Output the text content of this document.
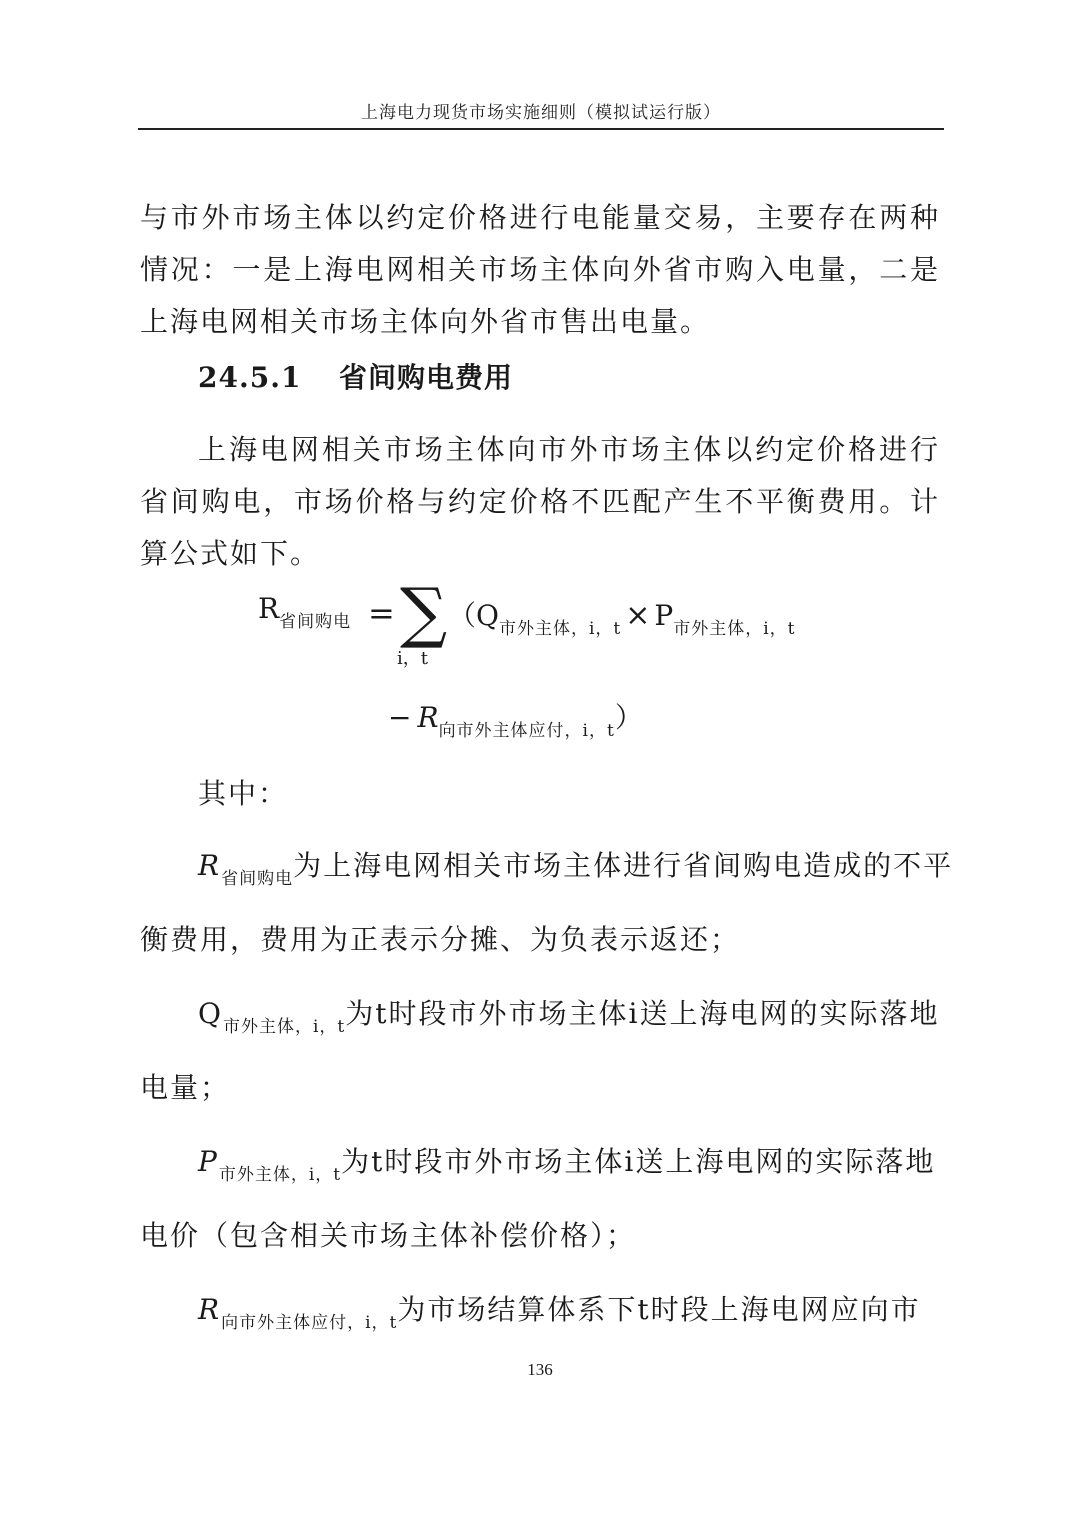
上海电力现货市场实施细则（模拟试运行版）
与市外市场主体以约定价格进行电能量交易，主要存在两种情况：一是上海电网相关市场主体向外省市购入电量，二是上海电网相关市场主体向外省市售出电量。
24.5.1 省间购电费用
上海电网相关市场主体向市外市场主体以约定价格进行省间购电，市场价格与约定价格不匹配产生不平衡费用。计算公式如下。
$R_{省间购电}$ = ∑
i，t
（$Q_{市外主体,i,t} \times P_{市外主体,i,t}$
− $R_{向市外主体应付,i,t}$）
其中：
$R_{省间购电}$为上海电网相关市场主体进行省间购电造成的不平
衡费用，费用为正表示分摊、为负表示返还；
$Q_{市外主体,i,t}$为t时段市外市场主体i送上海电网的实际落地
电量；
$P_{市外主体,i,t}$为t时段市外市场主体i送上海电网的实际落地
电价（包含相关市场主体补偿价格）；
$R_{向市外主体应付,i,t}$为市场结算体系下t时段上海电网应向市
136
